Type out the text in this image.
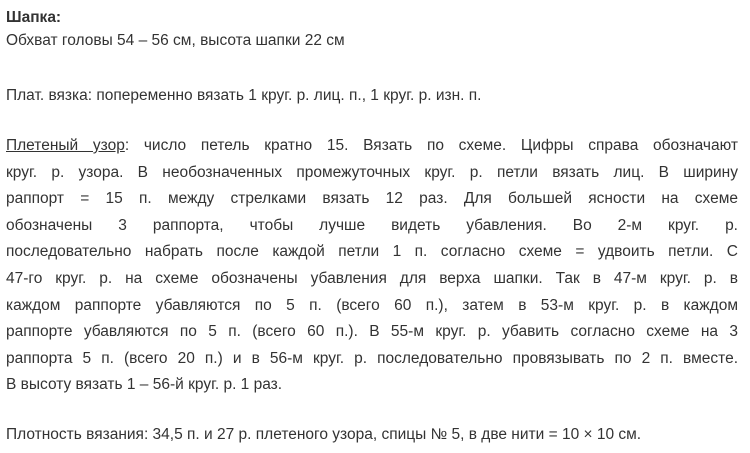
Шапка:
Обхват головы 54 – 56 см, высота шапки 22 см
Плат. вязка: попеременно вязать 1 круг. р. лиц. п., 1 круг. р. изн. п.
Плетеный узор: число петель кратно 15. Вязать по схеме. Цифры справа обозначают
круг. р. узора. В необозначенных промежуточных круг. р. петли вязать лиц. В ширину
раппорт = 15 п. между стрелками вязать 12 раз. Для большей ясности на схеме
обозначены 3 раппорта, чтобы лучше видеть убавления. Во 2-м круг. р.
последовательно набрать после каждой петли 1 п. согласно схеме = удвоить петли. С
47-го круг. р. на схеме обозначены убавления для верха шапки. Так в 47-м круг. р. в
каждом раппорте убавляются по 5 п. (всего 60 п.), затем в 53-м круг. р. в каждом
раппорте убавляются по 5 п. (всего 60 п.). В 55-м круг. р. убавить согласно схеме на 3
раппорта 5 п. (всего 20 п.) и в 56-м круг. р. последовательно провязывать по 2 п. вместе.
В высоту вязать 1 – 56-й круг. р. 1 раз.
Плотность вязания: 34,5 п. и 27 р. плетеного узора, спицы № 5, в две нити = 10 × 10 см.
